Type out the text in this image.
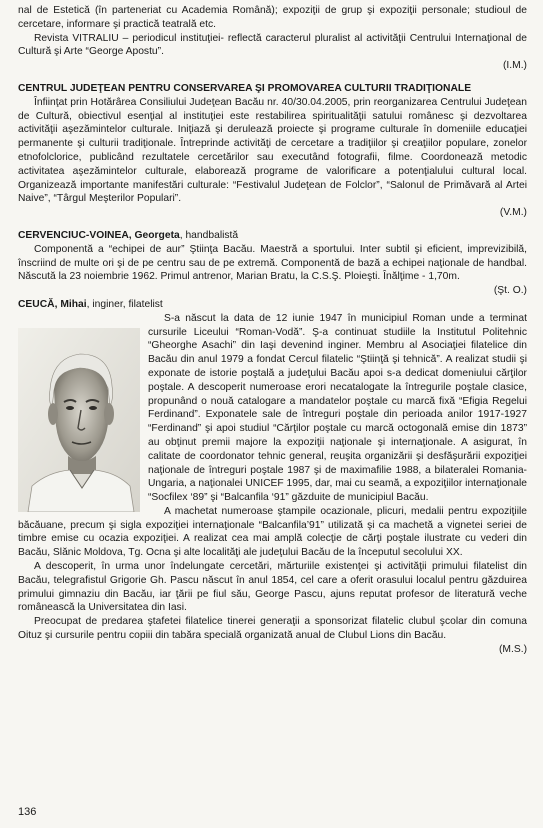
nal de Estetică (în parteneriat cu Academia Română); expoziţii de grup şi expoziţii personale; studioul de cercetare, informare şi practică teatrală etc.

Revista VITRALIU – periodicul instituţiei- reflectă caracterul pluralist al activităţii Centrului Internaţional de Cultură şi Arte “George Apostu”.

(I.M.)

CENTRUL JUDEŢEAN PENTRU CONSERVAREA ŞI PROMOVAREA CULTURII TRADIŢIONALE

Înfiinţat prin Hotărârea Consiliului Judeţean Bacău nr. 40/30.04.2005, prin reorganizarea Centrului Judeţean de Cultură, obiectivul esenţial al instituţiei este restabilirea spiritualităţii satului românesc şi dezvoltarea activităţii aşezămintelor culturale. Iniţiază şi derulează proiecte şi programe culturale în domeniile educaţiei permanente şi culturii tradiţionale. Întreprinde activităţi de cercetare a tradiţiilor şi creaţiilor populare, zonelor etnofolclorice, publicând rezultatele cercetărilor sau executând fotografii, filme. Coordonează metodic activitatea aşezămintelor culturale, elaborează programe de valorificare a potenţialului cultural local. Organizează importante manifestări culturale: “Festivalul Judeţean de Folclor”, “Salonul de Primăvară al Artei Naive”, “Târgul Meşterilor Populari”.

(V.M.)

CERVENCIUC-VOINEA, Georgeta, handbalistă

Componentă a “echipei de aur” Ştiinţa Bacău. Maestră a sportului. Inter subtil şi eficient, imprevizibilă, înscriind de multe ori şi de pe centru sau de pe extremă. Componentă de bază a echipei naţionale de handbal. Născută la 23 noiembrie 1962. Primul antrenor, Marian Bratu, la C.S.Ş. Ploieşti. Înălţime - 1,70m.

(Şt. O.)

CEUCĂ, Mihai, inginer, filatelist

S-a născut la data de 12 iunie 1947 în municipiul Roman unde a terminat cursurile Liceului “Roman-Vodă”. Ş-a continuat studiile la Institutul Politehnic “Gheorghe Asachi” din Iaşi devenind inginer. Membru al Asociaţiei filatelice din Bacău din anul 1979 a fondat Cercul filatelic “Ştiinţă şi tehnică”. A realizat studii şi exponate de istorie poştală a judeţului Bacău apoi s-a dedicat domeniului cărţilor poştale. A descoperit numeroase erori necatalogate la întregurile poştale clasice, propunând o nouă catalogare a mandatelor poştale cu marcă fixă “Efigia Regelui Ferdinand”. Exponatele sale de întreguri poştale din perioada anilor 1917-1927 “Ferdinand” şi apoi studiul “Cărţilor poştale cu marcă octogonală emise din 1873” au obţinut premii majore la expoziţii naţionale şi internaţionale. A asigurat, în calitate de coordonator tehnic general, reuşita organizării şi desfăşurării expoziţiei naţionale de întreguri poştale 1987 şi de maximafilie 1988, a bilateralei Romania-Ungaria, a naţionalei UNICEF 1995, dar, mai cu seamă, a expoziţiilor internaţionale “Socfilex ‘89” şi “Balcanfila ‘91” găzduite de municipiul Bacău.

A machetat numeroase ştampile ocazionale, plicuri, medalii pentru expoziţiile băcăuane, precum şi sigla expoziţiei internaţionale “Balcanfila’91” utilizată şi ca machetă a vignetei seriei de timbre emise cu ocazia expoziţiei. A realizat cea mai amplă colecţie de cărţi poştale ilustrate cu vederi din Bacău, Slănic Moldova, Tg. Ocna şi alte localităţi ale judeţului Bacău de la începutul secolului XX.

A descoperit, în urma unor îndelungate cercetări, mărturiile existenţei şi activităţii primului filatelist din Bacău, telegrafistul Grigorie Gh. Pascu născut în anul 1854, cel care a oferit orasului localul pentru găzduirea primului gimnaziu din Bacău, iar ţării pe fiul său, George Pascu, ajuns reputat profesor de literatură veche românească la Universitatea din Iasi.

Preocupat de predarea ştafetei filatelice tinerei generaţii a sponsorizat filatelic clubul şcolar din comuna Oituz şi cursurile pentru copiii din tabăra specială organizată anual de Clubul Lions din Bacău.

(M.S.)

136
